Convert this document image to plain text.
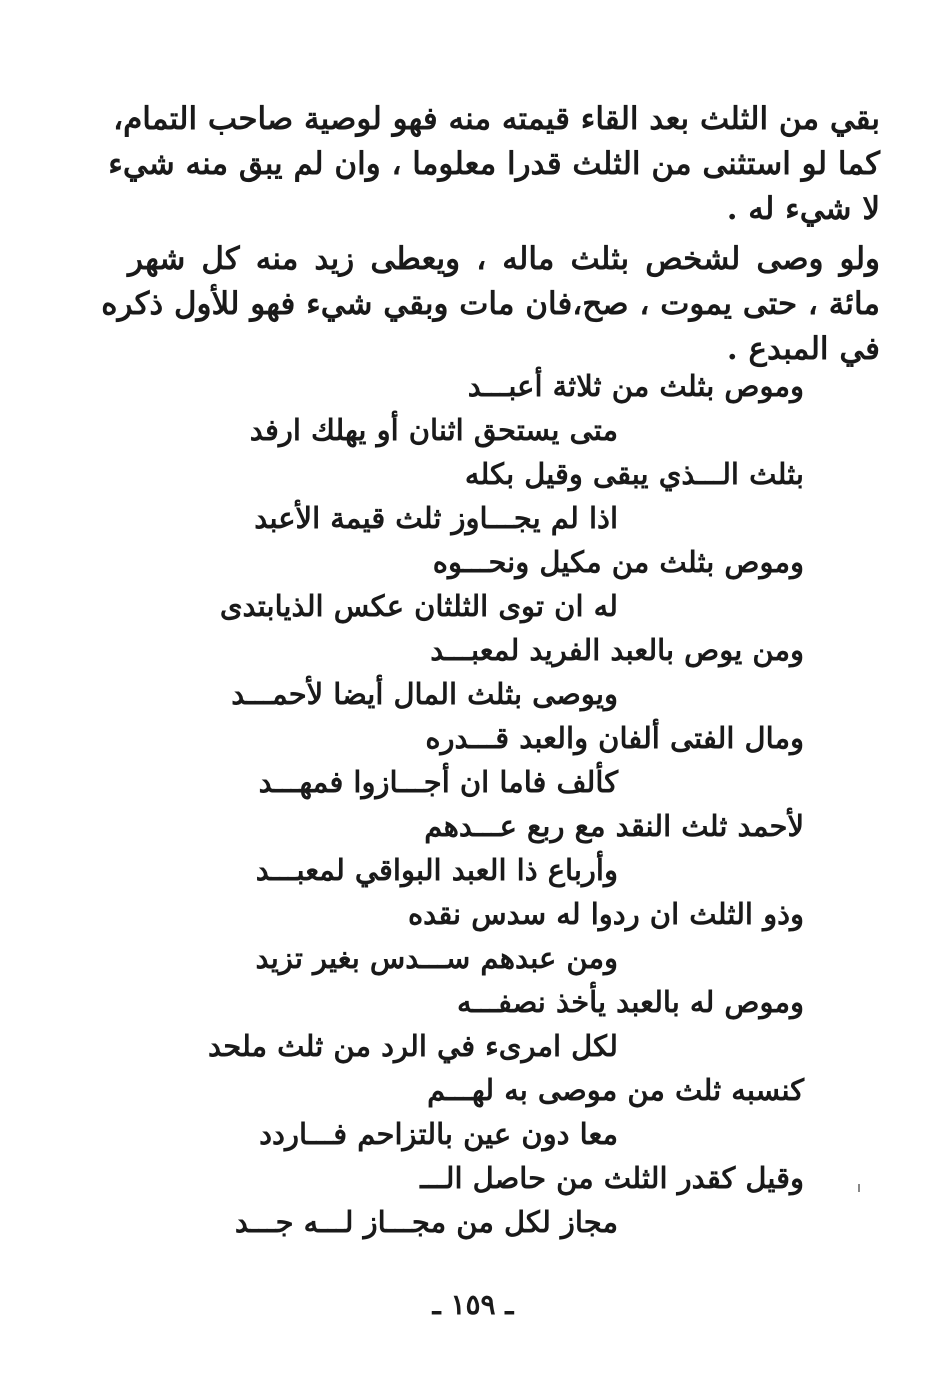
بقي من الثلث بعد القاء قيمته منه فهو لوصية صاحب التمام،
كما لو استثنى من الثلث قدرا معلوما ، وان لم يبق منه شيء
لا شيء له .
ولو وصى لشخص بثلث ماله ، ويعطى زيد منه كل شهر
مائة ، حتى يموت ، صح،فان مات وبقي شيء فهو للأول ذكره
في المبدع .
وموص بثلث من ثلاثة أعبـــد
متى يستحق اثنان أو يهلك ارفد
بثلث الـــذي يبقى وقيل بكله
اذا لم يجـــاوز ثلث قيمة الأعبد
وموص بثلث من مكيل ونحـــوه
له ان توى الثلثان عكس الذيابتدى
ومن يوص بالعبد الفريد لمعبـــد
ويوصى بثلث المال أيضا لأحمـــد
ومال الفتى ألفان والعبد قـــدره
كألف فاما ان أجـــازوا فمهـــد
لأحمد ثلث النقد مع ربع عـــدهم
وأرباع ذا العبد البواقي لمعبـــد
وذو الثلث ان ردوا له سدس نقده
ومن عبدهم ســـدس بغير تزيد
وموص له بالعبد يأخذ نصفـــه
لكل امرىء في الرد من ثلث ملحد
كنسبه ثلث من موصى به لهـــم
معا دون عين بالتزاحم فـــاردد
وقيل كقدر الثلث من حاصل الـــ
مجاز لكل من مجـــاز لـــه جـــد
ـ ١٥٩ ـ
